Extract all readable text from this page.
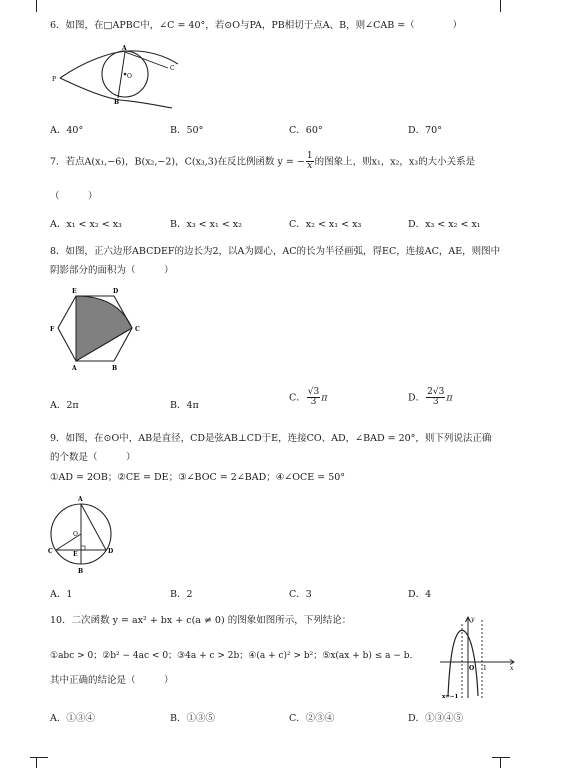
6．如图，在□APBC中，∠C = 40°，若⊙O与PA，PB相切于点A、B，则∠CAB =（　　　　）
A
O
C
P
B
A．40°	B．50°	C．60°	D．70°
7．若点A(x₁,−6)，B(x₂,−2)，C(x₃,3)在反比例函数 y = − $\frac{1}{x}$ 的图象上，则x₁，x₂，x₃的大小关系是
（　　　）
A．x₁ < x₂ < x₃	B．x₃ < x₁ < x₂	C．x₂ < x₁ < x₃	D．x₃ < x₂ < x₁
8．如图，正六边形ABCDEF的边长为2，以A为圆心，AC的长为半径画弧，得EC，连接AC，AE，则图中
阴影部分的面积为（　　　）
E	D
F	C
A	B
A．2π	B．4π
C． $\frac{√3}{3}$ π	D． $\frac{2√3}{3}$ π
9．如图，在⊙O中，AB是直径，CD是弦AB⊥CD于E，连接CO、AD，∠BAD = 20°，则下列说法正确
的个数是（　　　）
①AD = 2OB；②CE = DE；③∠BOC = 2∠BAD；④∠OCE = 50°
A
O
C	E	D
B
A．1	B．2	C．3	D．4
10．二次函数 y = ax² + bx + c(a ≠ 0) 的图象如图所示，下列结论：
①abc > 0；②b² − 4ac < 0；③4a + c > 2b；④(a + c)² > b²；⑤x(ax + b) ≤ a − b．
其中正确的结论是（　　　）
y
O 1	x
x=−1
A．①③④	B．①③⑤	C．②③④	D．①③④⑤
